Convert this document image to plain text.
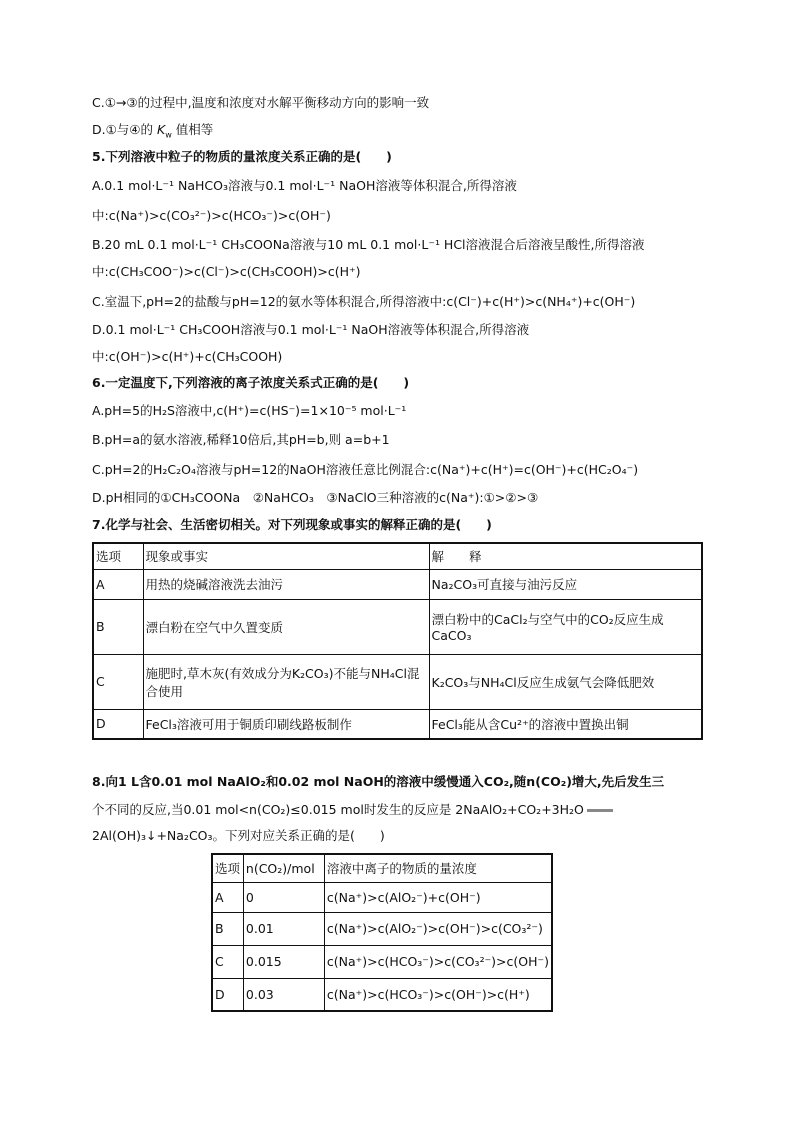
C.①→③的过程中,温度和浓度对水解平衡移动方向的影响一致
D.①与④的 $K_w$ 值相等
5.下列溶液中粒子的物质的量浓度关系正确的是(　　)
A.0.1 mol·L⁻¹ NaHCO₃溶液与0.1 mol·L⁻¹ NaOH溶液等体积混合,所得溶液
中:c(Na⁺)>c(CO₃²⁻)>c(HCO₃⁻)>c(OH⁻)
B.20 mL 0.1 mol·L⁻¹ CH₃COONa溶液与10 mL 0.1 mol·L⁻¹ HCl溶液混合后溶液呈酸性,所得溶液
中:c(CH₃COO⁻)>c(Cl⁻)>c(CH₃COOH)>c(H⁺)
C.室温下,pH=2的盐酸与pH=12的氨水等体积混合,所得溶液中:c(Cl⁻)+c(H⁺)>c(NH₄⁺)+c(OH⁻)
D.0.1 mol·L⁻¹ CH₃COOH溶液与0.1 mol·L⁻¹ NaOH溶液等体积混合,所得溶液
中:c(OH⁻)>c(H⁺)+c(CH₃COOH)
6.一定温度下,下列溶液的离子浓度关系式正确的是(　　)
A.pH=5的H₂S溶液中,c(H⁺)=c(HS⁻)=1×10⁻⁵ mol·L⁻¹
B.pH=a的氨水溶液,稀释10倍后,其pH=b,则 a=b+1
C.pH=2的H₂C₂O₄溶液与pH=12的NaOH溶液任意比例混合:c(Na⁺)+c(H⁺)=c(OH⁻)+c(HC₂O₄⁻)
D.pH相同的①CH₃COONa　②NaHCO₃　③NaClO三种溶液的c(Na⁺):①>②>③
7.化学与社会、生活密切相关。对下列现象或事实的解释正确的是(　　)
选项	现象或事实	解　　释
A	用热的烧碱溶液洗去油污	Na₂CO₃可直接与油污反应
B	漂白粉在空气中久置变质	漂白粉中的CaCl₂与空气中的CO₂反应生成CaCO₃
C	施肥时,草木灰(有效成分为K₂CO₃)不能与NH₄Cl混合使用	K₂CO₃与NH₄Cl反应生成氨气会降低肥效
D	FeCl₃溶液可用于铜质印刷线路板制作	FeCl₃能从含Cu²⁺的溶液中置换出铜
8.向1 L含0.01 mol NaAlO₂和0.02 mol NaOH的溶液中缓慢通入CO₂,随n(CO₂)增大,先后发生三
个不同的反应,当0.01 mol<n(CO₂)≤0.015 mol时发生的反应是 2NaAlO₂+CO₂+3H₂O
2Al(OH)₃↓+Na₂CO₃。下列对应关系正确的是(　　)
选项	n(CO₂)/mol	溶液中离子的物质的量浓度
A	0	c(Na⁺)>c(AlO₂⁻)+c(OH⁻)
B	0.01	c(Na⁺)>c(AlO₂⁻)>c(OH⁻)>c(CO₃²⁻)
C	0.015	c(Na⁺)>c(HCO₃⁻)>c(CO₃²⁻)>c(OH⁻)
D	0.03	c(Na⁺)>c(HCO₃⁻)>c(OH⁻)>c(H⁺)
